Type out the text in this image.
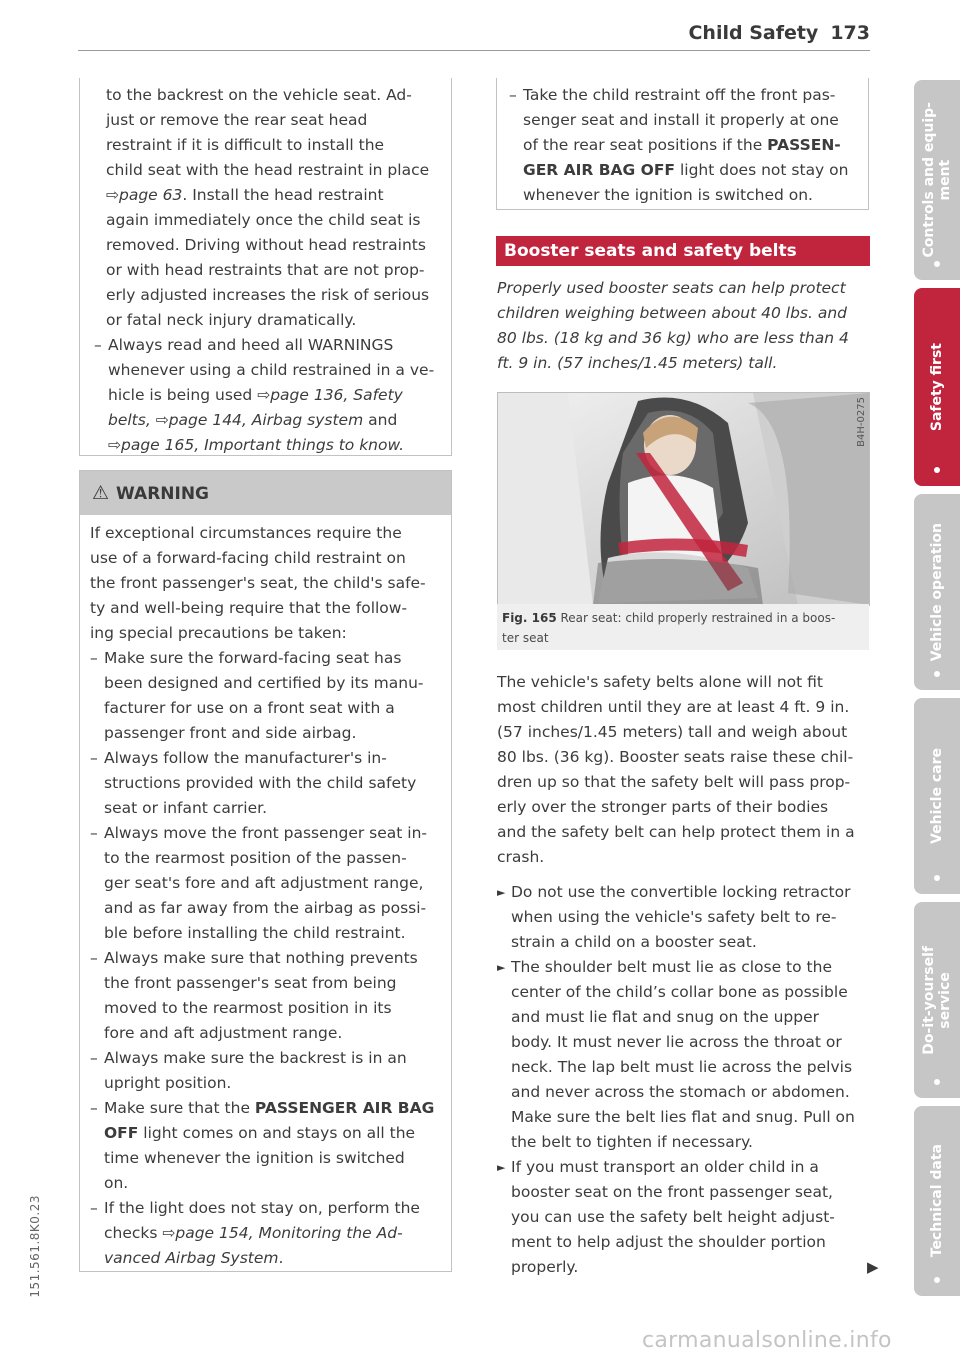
Child Safety 173
to the backrest on the vehicle seat. Ad-
just or remove the rear seat head
restraint if it is difficult to install the
child seat with the head restraint in place
⇨page 63. Install the head restraint
again immediately once the child seat is
removed. Driving without head restraints
or with head restraints that are not prop-
erly adjusted increases the risk of serious
or fatal neck injury dramatically.
– Always read and heed all WARNINGS
whenever using a child restrained in a ve-
hicle is being used ⇨page 136, Safety
belts, ⇨page 144, Airbag system and
⇨page 165, Important things to know.
⚠ WARNING
If exceptional circumstances require the
use of a forward-facing child restraint on
the front passenger's seat, the child's safe-
ty and well-being require that the follow-
ing special precautions be taken:
– Make sure the forward-facing seat has
been designed and certified by its manu-
facturer for use on a front seat with a
passenger front and side airbag.
– Always follow the manufacturer's in-
structions provided with the child safety
seat or infant carrier.
– Always move the front passenger seat in-
to the rearmost position of the passen-
ger seat's fore and aft adjustment range,
and as far away from the airbag as possi-
ble before installing the child restraint.
– Always make sure that nothing prevents
the front passenger's seat from being
moved to the rearmost position in its
fore and aft adjustment range.
– Always make sure the backrest is in an
upright position.
– Make sure that the PASSENGER AIR BAG
OFF light comes on and stays on all the
time whenever the ignition is switched
on.
– If the light does not stay on, perform the
checks ⇨page 154, Monitoring the Ad-
vanced Airbag System.
– Take the child restraint off the front pas-
senger seat and install it properly at one
of the rear seat positions if the PASSEN-
GER AIR BAG OFF light does not stay on
whenever the ignition is switched on.
Booster seats and safety belts
Properly used booster seats can help protect
children weighing between about 40 lbs. and
80 lbs. (18 kg and 36 kg) who are less than 4
ft. 9 in. (57 inches/1.45 meters) tall.
B4H-0275
Fig. 165 Rear seat: child properly restrained in a boos-
ter seat
The vehicle's safety belts alone will not fit
most children until they are at least 4 ft. 9 in.
(57 inches/1.45 meters) tall and weigh about
80 lbs. (36 kg). Booster seats raise these chil-
dren up so that the safety belt will pass prop-
erly over the stronger parts of their bodies
and the safety belt can help protect them in a
crash.
► Do not use the convertible locking retractor
when using the vehicle's safety belt to re-
strain a child on a booster seat.
► The shoulder belt must lie as close to the
center of the child’s collar bone as possible
and must lie flat and snug on the upper
body. It must never lie across the throat or
neck. The lap belt must lie across the pelvis
and never across the stomach or abdomen.
Make sure the belt lies flat and snug. Pull on
the belt to tighten if necessary.
► If you must transport an older child in a
booster seat on the front passenger seat,
you can use the safety belt height adjust-
ment to help adjust the shoulder portion
properly.	▶
151.561.8K0.23
Controls and equip-
ment
Safety first
Vehicle operation
Vehicle care
Do-it-yourself
service
Technical data
carmanualsonline.info
